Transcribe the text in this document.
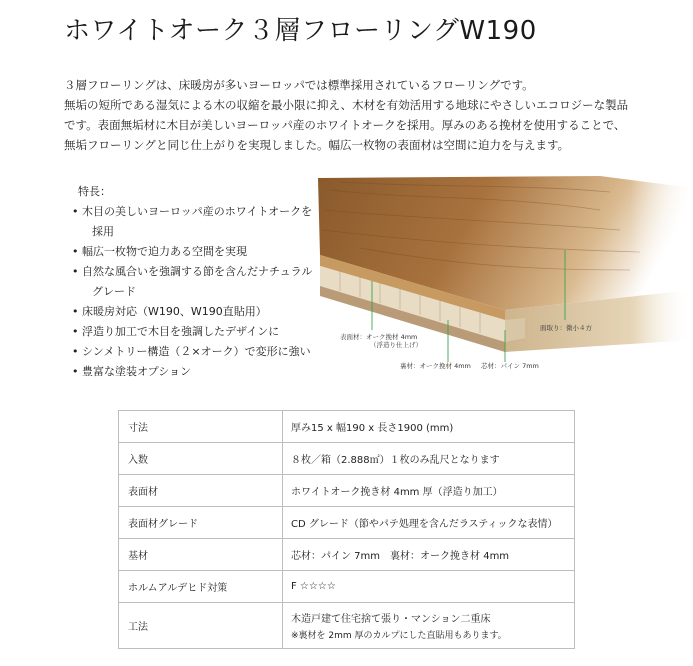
ホワイトオーク３層フローリングW190

３層フローリングは、床暖房が多いヨーロッパでは標準採用されているフローリングです。

無垢の短所である湿気による木の収縮を最小限に抑え、木材を有効活用する地球にやさしいエコロジーな製品

です。表面無垢材に木目が美しいヨーロッパ産のホワイトオークを採用。厚みのある挽材を使用することで、

無垢フローリングと同じ仕上がりを実現しました。幅広一枚物の表面材は空間に迫力を与えます。

特長：

• 木目の美しいヨーロッパ産のホワイトオークを
採用
• 幅広一枚物で迫力ある空間を実現
• 自然な風合いを強調する節を含んだナチュラル
グレード
• 床暖房対応（W190、W190直貼用）
• 浮造り加工で木目を強調したデザインに
• シンメトリー構造（２×オーク）で変形に強い
• 豊富な塗装オプション
表面材：オーク挽材 4mm
（浮造り仕上げ）
裏材：オーク挽材 4mm 芯材：パイン 7mm
面取り：微小４方
寸法	厚み15 x 幅190 x 長さ1900 (mm)
入数	８枚／箱（2.888㎡）１枚のみ乱尺となります
表面材	ホワイトオーク挽き材 4mm 厚（浮造り加工）
表面材グレード	CD グレード（節やパテ処理を含んだラスティックな表情）
基材	芯材：パイン 7mm　裏材：オーク挽き材 4mm
ホルムアルデヒド対策	F ☆☆☆☆
工法	木造戸建て住宅捨て張り・マンション二重床
※裏材を 2mm 厚のカルプにした直貼用もあります。
